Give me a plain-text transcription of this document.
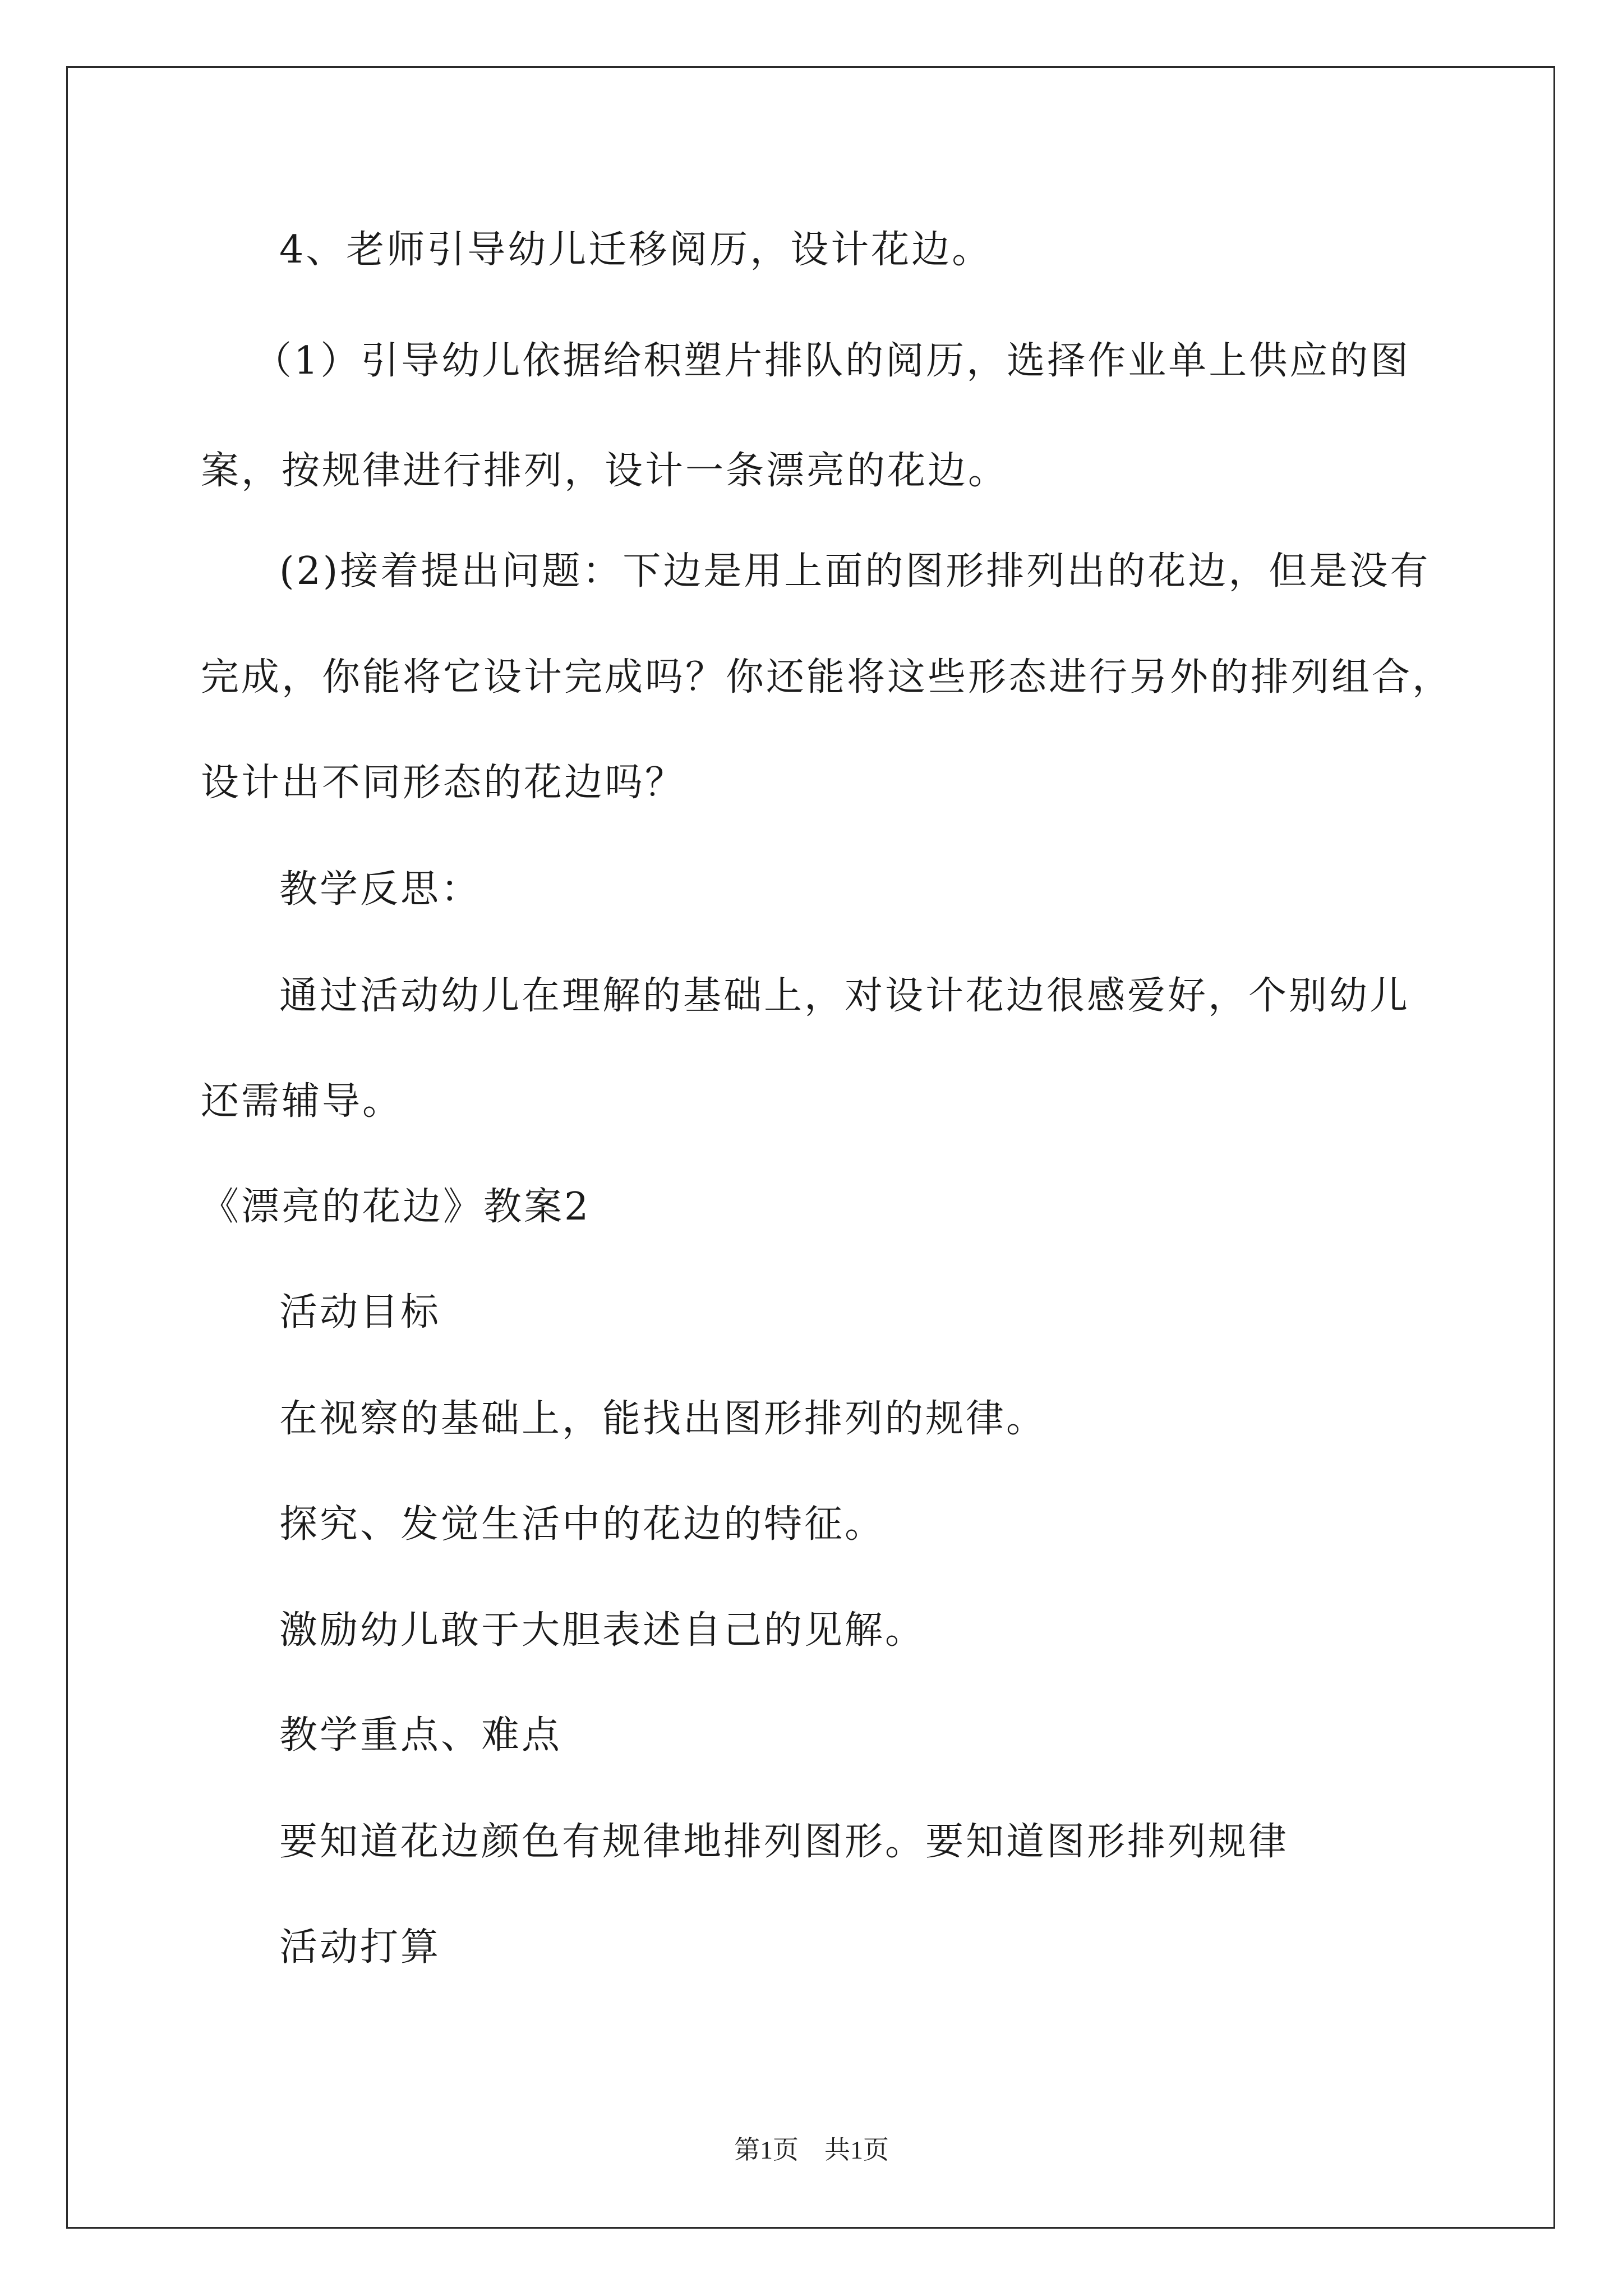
4、老师引导幼儿迁移阅历，设计花边。
（1）引导幼儿依据给积塑片排队的阅历，选择作业单上供应的图
案，按规律进行排列，设计一条漂亮的花边。
(2)接着提出问题：下边是用上面的图形排列出的花边，但是没有
完成，你能将它设计完成吗？你还能将这些形态进行另外的排列组合，
设计出不同形态的花边吗？
教学反思：
通过活动幼儿在理解的基础上，对设计花边很感爱好，个别幼儿
还需辅导。
《漂亮的花边》教案2
活动目标
在视察的基础上，能找出图形排列的规律。
探究、发觉生活中的花边的特征。
激励幼儿敢于大胆表述自己的见解。
教学重点、难点
要知道花边颜色有规律地排列图形。要知道图形排列规律
活动打算
第1页　共1页
